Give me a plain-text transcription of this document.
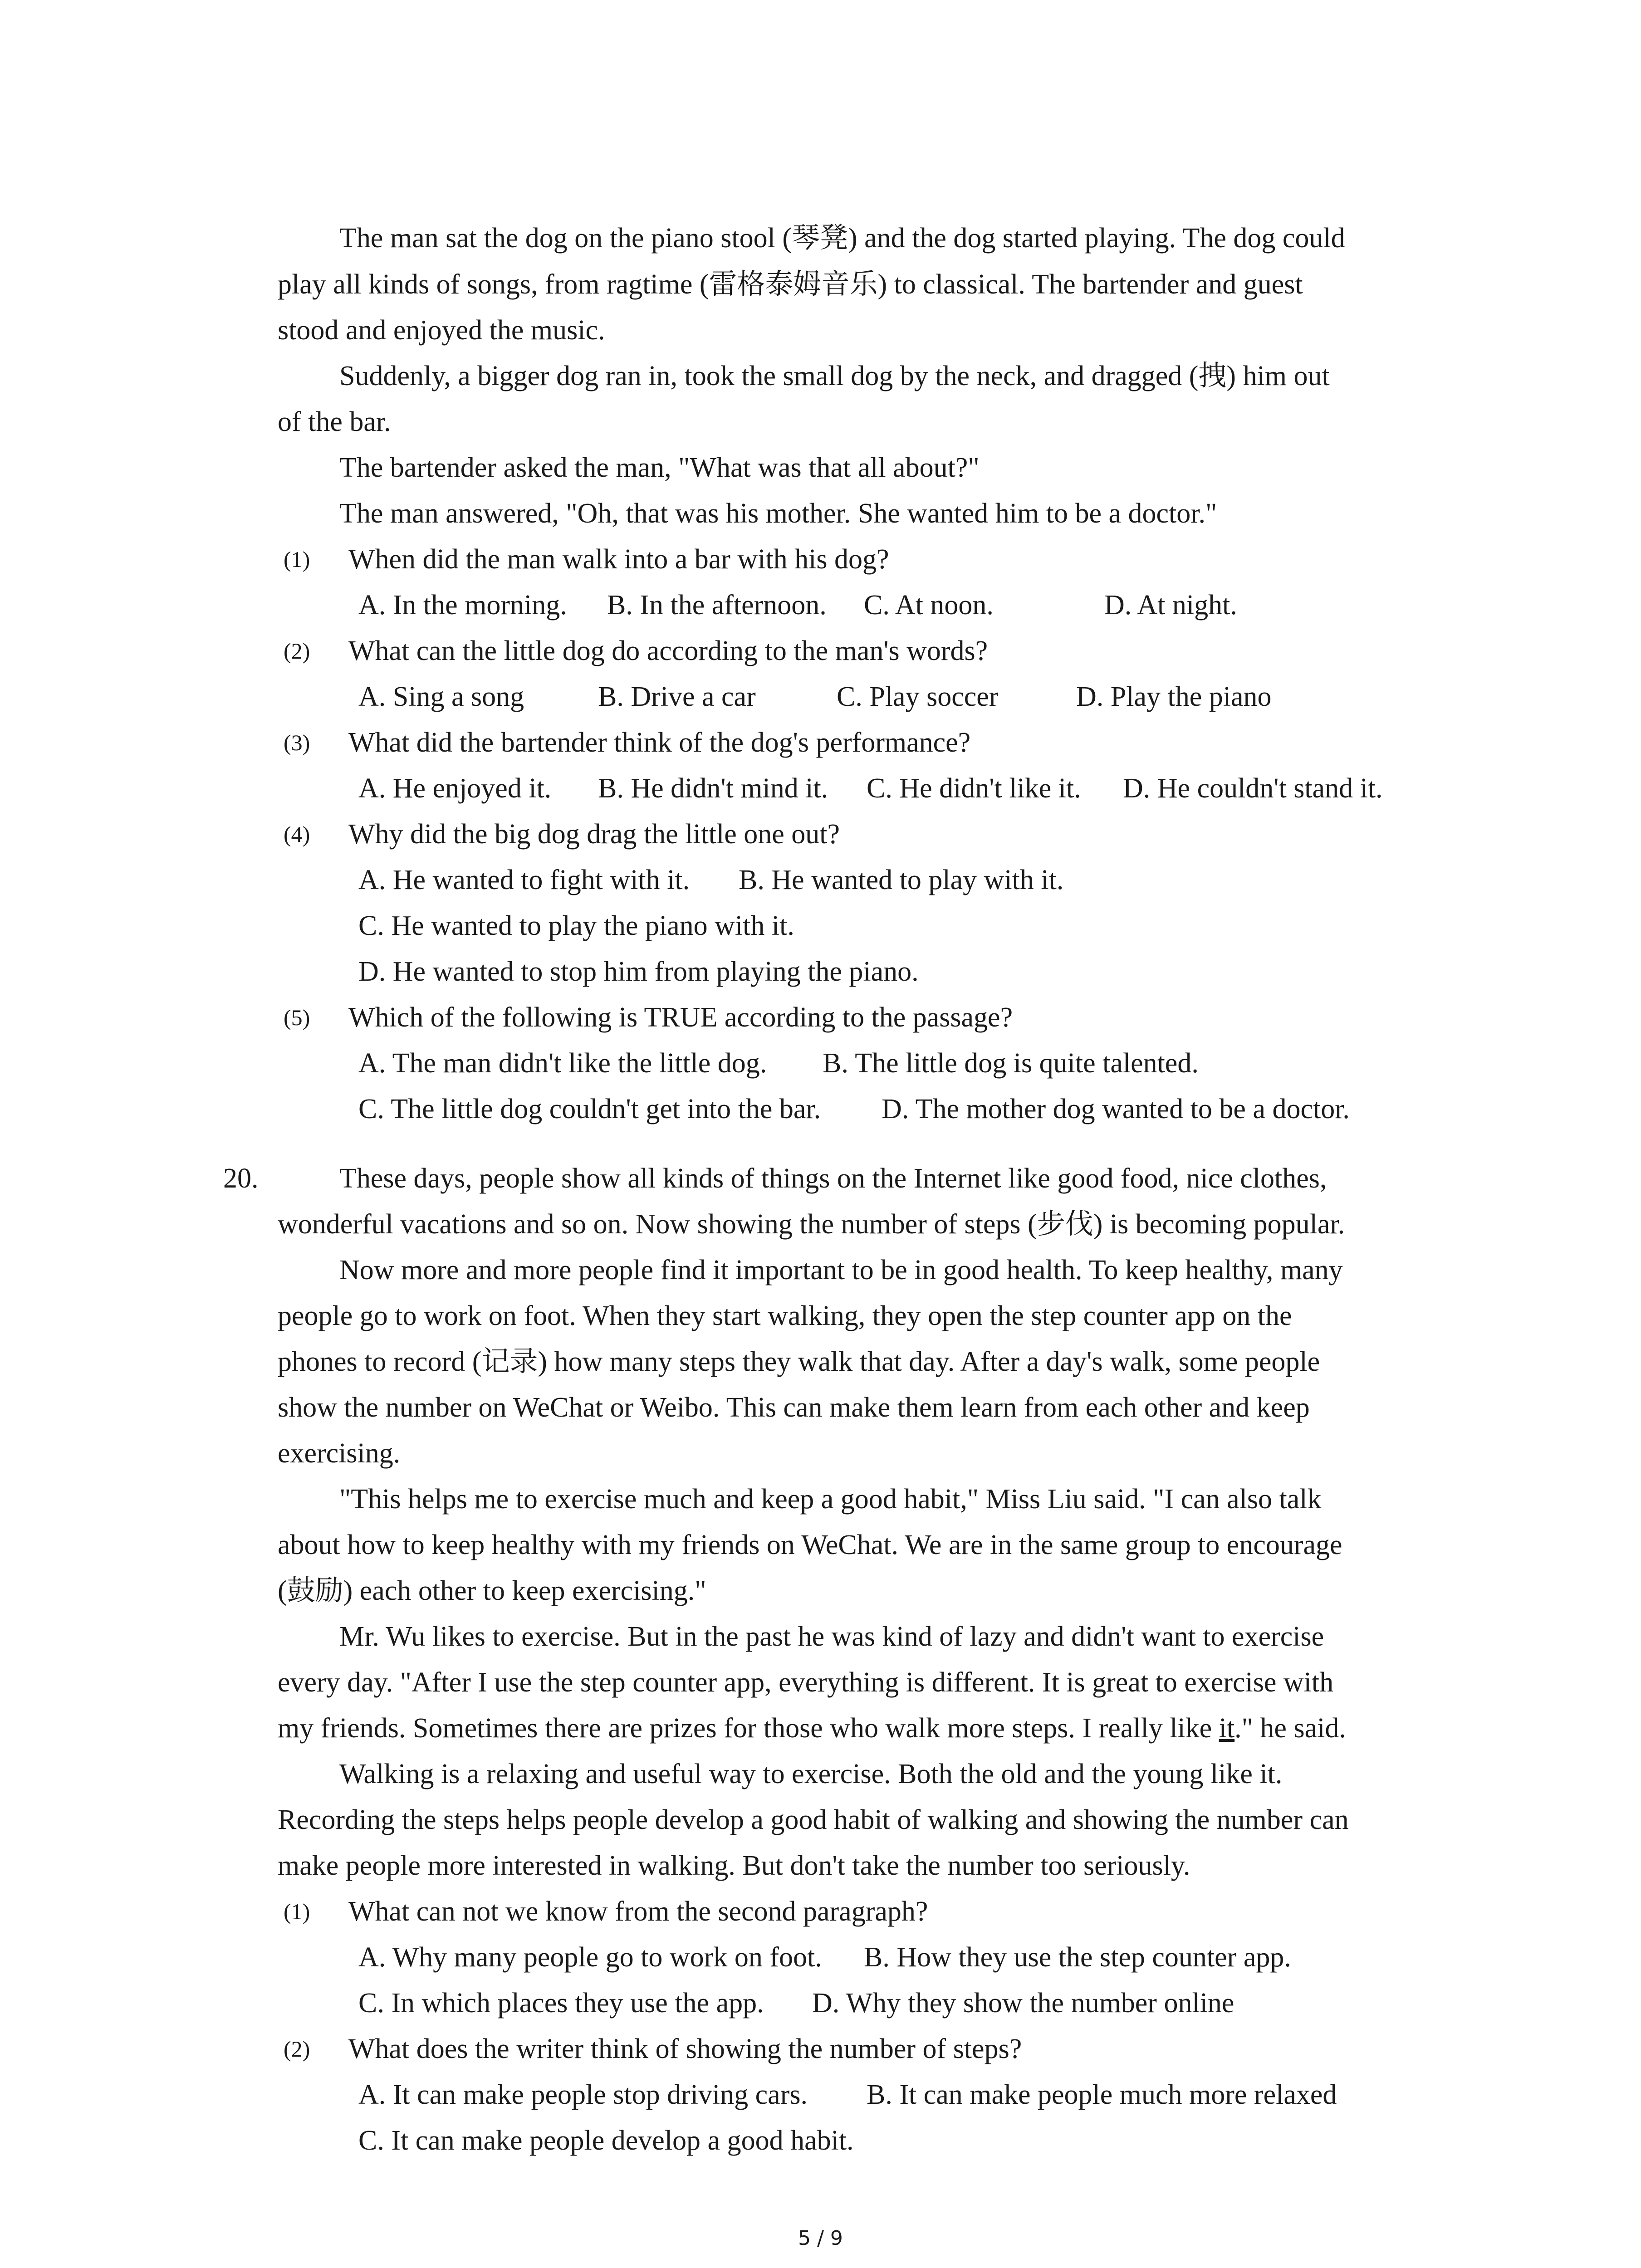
The man sat the dog on the piano stool (琴凳) and the dog started playing. The dog could
play all kinds of songs, from ragtime (雷格泰姆音乐) to classical. The bartender and guest
stood and enjoyed the music.
Suddenly, a bigger dog ran in, took the small dog by the neck, and dragged (拽) him out
of the bar.
The bartender asked the man, "What was that all about?"
The man answered, "Oh, that was his mother. She wanted him to be a doctor."
(1) When did the man walk into a bar with his dog?
A. In the morning. B. In the afternoon. C. At noon.	D. At night.
(2) What can the little dog do according to the man's words?
A. Sing a song	B. Drive a car	C. Play soccer	D. Play the piano
(3) What did the bartender think of the dog's performance?
A. He enjoyed it. B. He didn't mind it. C. He didn't like it. D. He couldn't stand it.
(4) Why did the big dog drag the little one out?
A. He wanted to fight with it. B. He wanted to play with it.
C. He wanted to play the piano with it.
D. He wanted to stop him from playing the piano.
(5) Which of the following is TRUE according to the passage?
A. The man didn't like the little dog. B. The little dog is quite talented.
C. The little dog couldn't get into the bar. D. The mother dog wanted to be a doctor.
20.	These days, people show all kinds of things on the Internet like good food, nice clothes,
wonderful vacations and so on. Now showing the number of steps (步伐) is becoming popular.
Now more and more people find it important to be in good health. To keep healthy, many
people go to work on foot. When they start walking, they open the step counter app on the
phones to record (记录) how many steps they walk that day. After a day's walk, some people
show the number on WeChat or Weibo. This can make them learn from each other and keep
exercising.
"This helps me to exercise much and keep a good habit," Miss Liu said. "I can also talk
about how to keep healthy with my friends on WeChat. We are in the same group to encourage
(鼓励) each other to keep exercising."
Mr. Wu likes to exercise. But in the past he was kind of lazy and didn't want to exercise
every day. "After I use the step counter app, everything is different. It is great to exercise with
my friends. Sometimes there are prizes for those who walk more steps. I really like it." he said.
Walking is a relaxing and useful way to exercise. Both the old and the young like it.
Recording the steps helps people develop a good habit of walking and showing the number can
make people more interested in walking. But don't take the number too seriously.
(1) What can not we know from the second paragraph?
A. Why many people go to work on foot. B. How they use the step counter app.
C. In which places they use the app. D. Why they show the number online
(2) What does the writer think of showing the number of steps?
A. It can make people stop driving cars. B. It can make people much more relaxed
C. It can make people develop a good habit.
5 / 9
